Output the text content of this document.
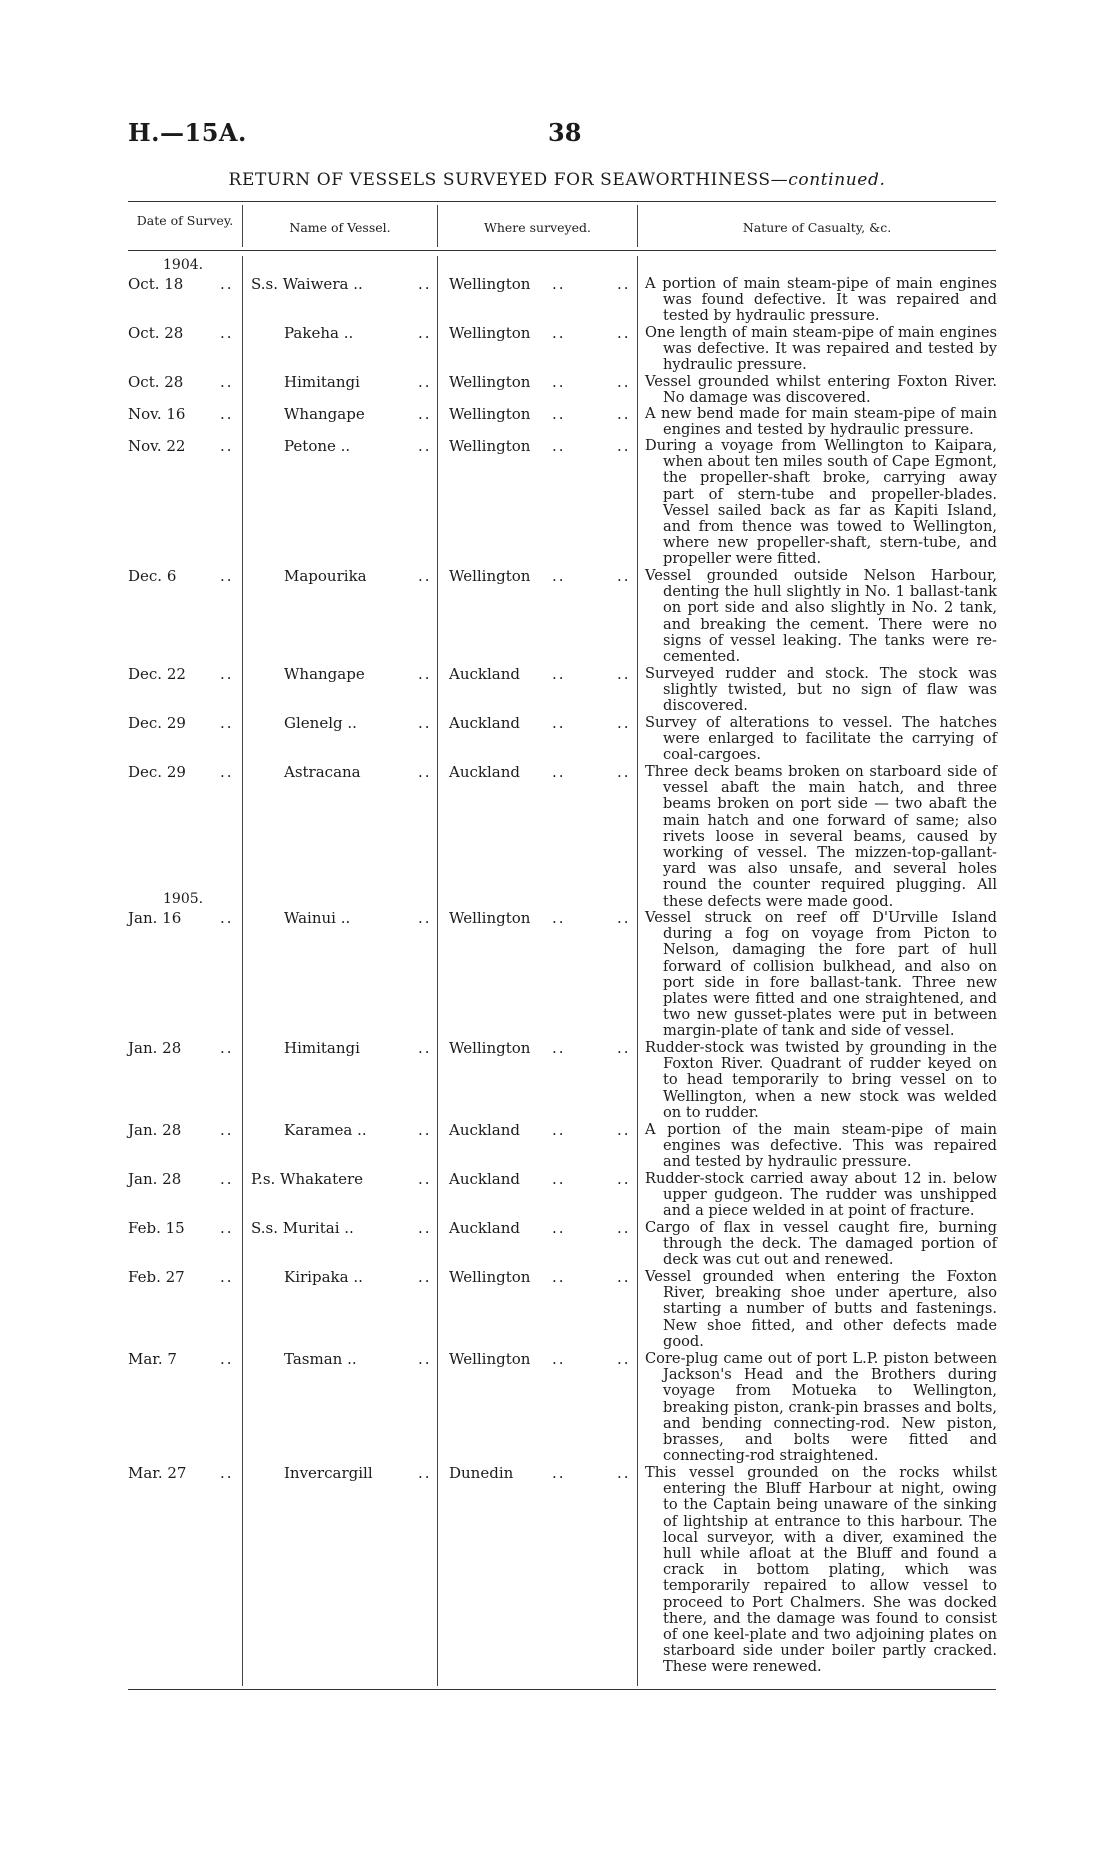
H.—15A.	38
RETURN OF VESSELS SURVEYED FOR SEAWORTHINESS—continued.
Date of Survey.	Name of Vessel.	Where surveyed.	Nature of Casualty, &c.
1904.
Oct. 18 .. S.s. Waiwera ..	.. Wellington ..	.. A portion of main steam-pipe of main engines was found defective. It was repaired and tested by hydraulic pressure.
Oct. 28 ..	Pakeha ..	.. Wellington ..	.. One length of main steam-pipe of main engines was defective. It was repaired and tested by hydraulic pressure.
Oct. 28 ..	Himitangi	.. Wellington ..	.. Vessel grounded whilst entering Foxton River. No damage was discovered.
Nov. 16 ..	Whangape	.. Wellington ..	.. A new bend made for main steam-pipe of main engines and tested by hydraulic pressure.
Nov. 22 ..	Petone ..	.. Wellington ..	.. During a voyage from Wellington to Kaipara, when about ten miles south of Cape Egmont, the propeller-shaft broke, carrying away part of stern-tube and propeller-blades. Vessel sailed back as far as Kapiti Island, and from thence was towed to Wellington, where new propeller-shaft, stern-tube, and propeller were fitted.
Dec. 6	..	Mapourika	.. Wellington ..	.. Vessel grounded outside Nelson Harbour, denting the hull slightly in No. 1 ballast-tank on port side and also slightly in No. 2 tank, and breaking the cement. There were no signs of vessel leaking. The tanks were re-cemented.
Dec. 22 ..	Whangape	.. Auckland ..	.. Surveyed rudder and stock. The stock was slightly twisted, but no sign of flaw was discovered.
Dec. 29 ..	Glenelg ..	.. Auckland ..	.. Survey of alterations to vessel. The hatches were enlarged to facilitate the carrying of coal-cargoes.
Dec. 29 ..	Astracana	.. Auckland ..	.. Three deck beams broken on starboard side of vessel abaft the main hatch, and three beams broken on port side — two abaft the main hatch and one forward of same; also rivets loose in several beams, caused by working of vessel. The mizzen-top-gallant-yard was also unsafe, and several holes round the counter required plugging. All these defects were made good.
1905.
Jan. 16	..	Wainui ..	.. Wellington ..	.. Vessel struck on reef off D'Urville Island during a fog on voyage from Picton to Nelson, damaging the fore part of hull forward of collision bulkhead, and also on port side in fore ballast-tank. Three new plates were fitted and one straightened, and two new gusset-plates were put in between margin-plate of tank and side of vessel.
Jan. 28	..	Himitangi	.. Wellington ..	.. Rudder-stock was twisted by grounding in the Foxton River. Quadrant of rudder keyed on to head temporarily to bring vessel on to Wellington, when a new stock was welded on to rudder.
Jan. 28	..	Karamea ..	.. Auckland ..	.. A portion of the main steam-pipe of main engines was defective. This was repaired and tested by hydraulic pressure.
Jan. 28	.. P.s. Whakatere	.. Auckland ..	.. Rudder-stock carried away about 12 in. below upper gudgeon. The rudder was unshipped and a piece welded in at point of fracture.
Feb. 15 .. S.s. Muritai ..	.. Auckland ..	.. Cargo of flax in vessel caught fire, burning through the deck. The damaged portion of deck was cut out and renewed.
Feb. 27 ..	Kiripaka ..	.. Wellington ..	.. Vessel grounded when entering the Foxton River, breaking shoe under aperture, also starting a number of butts and fastenings. New shoe fitted, and other defects made good.
Mar. 7	..	Tasman ..	.. Wellington ..	.. Core-plug came out of port L.P. piston between Jackson's Head and the Brothers during voyage from Motueka to Wellington, breaking piston, crank-pin brasses and bolts, and bending connecting-rod. New piston, brasses, and bolts were fitted and connecting-rod straightened.
Mar. 27 ..	Invercargill	.. Dunedin	..	.. This vessel grounded on the rocks whilst entering the Bluff Harbour at night, owing to the Captain being unaware of the sinking of lightship at entrance to this harbour. The local surveyor, with a diver, examined the hull while afloat at the Bluff and found a crack in bottom plating, which was temporarily repaired to allow vessel to proceed to Port Chalmers. She was docked there, and the damage was found to consist of one keel-plate and two adjoining plates on starboard side under boiler partly cracked. These were renewed.
